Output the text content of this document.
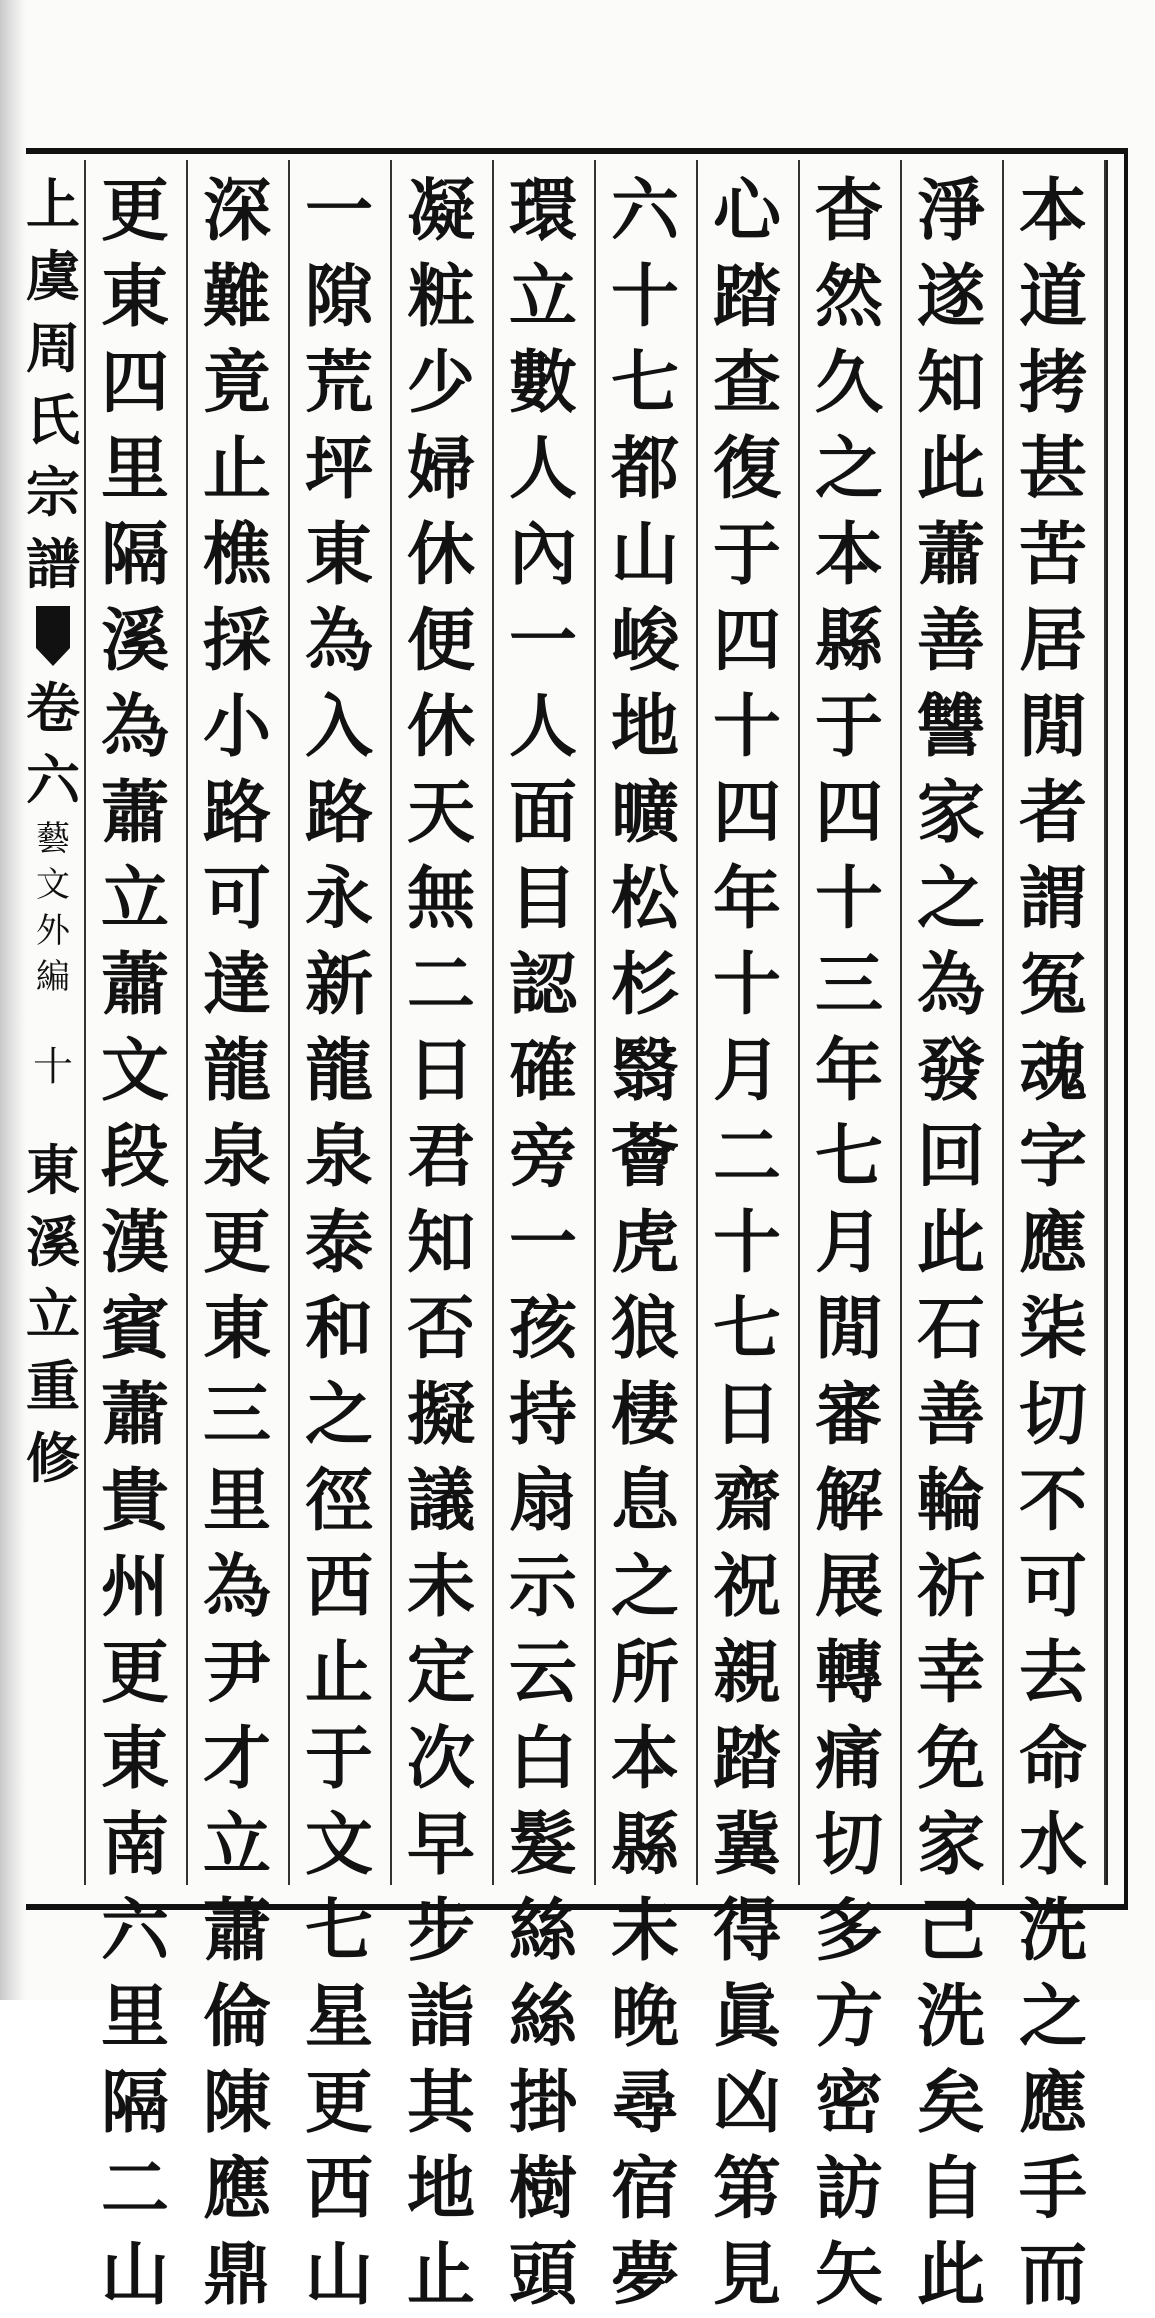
上
虞
周
氏
宗
譜
卷
六
藝
文
外
編
十
東
溪
立
重
修
本
道
拷
甚
苦
居
閒
者
謂
冤
魂
字
應
柒
切
不
可
去
命
水
洗
之
應
手
而
淨
遂
知
此
蕭
善
讐
家
之
為
發
回
此
石
善
輪
祈
幸
免
家
己
洗
矣
自
此
杳
然
久
之
本
縣
于
四
十
三
年
七
月
閒
審
解
展
轉
痛
切
多
方
密
訪
矢
心
踏
查
復
于
四
十
四
年
十
月
二
十
七
日
齋
祝
親
踏
冀
得
眞
凶
第
見
六
十
七
都
山
峻
地
曠
松
杉
翳
薈
虎
狼
棲
息
之
所
本
縣
未
晚
尋
宿
夢
環
立
數
人
內
一
人
面
目
認
確
旁
一
孩
持
扇
示
云
白
髮
絲
絲
掛
樹
頭
凝
粧
少
婦
休
便
休
天
無
二
日
君
知
否
擬
議
未
定
次
早
步
詣
其
地
止
一
隙
荒
坪
東
為
入
路
永
新
龍
泉
泰
和
之
徑
西
止
于
文
七
星
更
西
山
深
難
竟
止
樵
採
小
路
可
達
龍
泉
更
東
三
里
為
尹
才
立
蕭
倫
陳
應
鼎
更
東
四
里
隔
溪
為
蕭
立
蕭
文
段
漢
賓
蕭
貴
州
更
東
南
六
里
隔
二
山
